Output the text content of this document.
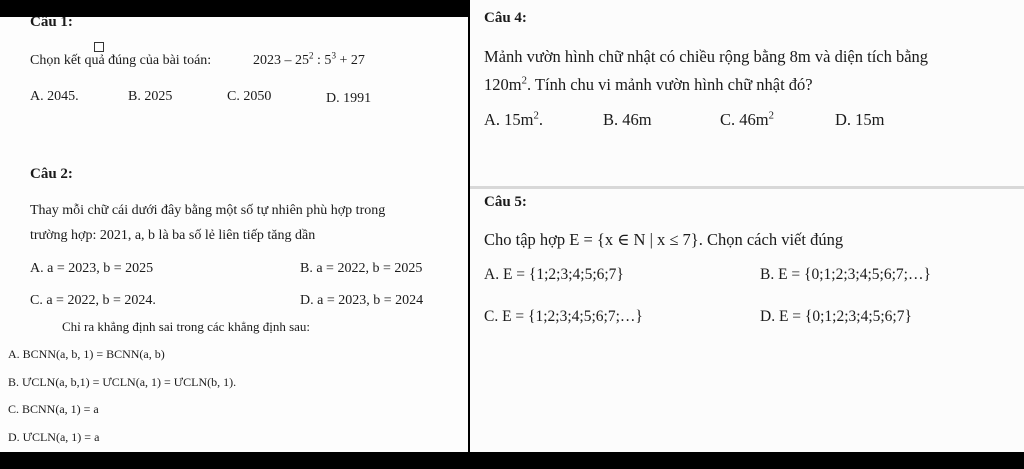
Câu 1:
Chọn kết quả đúng của bài toán:	$2023 - 25^2$ : $5^3 + 27$
A. 2045.	B. 2025	C. 2050	D. 1991
Câu 2:
Thay mỗi chữ cái dưới đây bằng một số tự nhiên phù hợp trong
trường hợp: 2021, a, b là ba số lẻ liên tiếp tăng dần
A. a = 2023, b = 2025	B. a = 2022, b = 2025
C. a = 2022, b = 2024.	D. a = 2023, b = 2024
Chỉ ra khẳng định sai trong các khẳng định sau:
A. BCNN(a, b, 1) = BCNN(a, b)
B. ƯCLN(a, b,1) = ƯCLN(a, 1) = ƯCLN(b, 1).
C. BCNN(a, 1) = a
D. ƯCLN(a, 1) = a
Câu 4:
Mảnh vườn hình chữ nhật có chiều rộng bằng 8m và diện tích bằng
$120m^2$. Tính chu vi mảnh vườn hình chữ nhật đó?
A. $15m^2$.	B. 46m	C. $46m^2$	D. 15m
Câu 5:
Cho tập hợp E = {x ∈ N | x ≤ 7}. Chọn cách viết đúng
A. E = {1;2;3;4;5;6;7}	B. E = {0;1;2;3;4;5;6;7;…}
C. E = {1;2;3;4;5;6;7;…}	D. E = {0;1;2;3;4;5;6;7}
